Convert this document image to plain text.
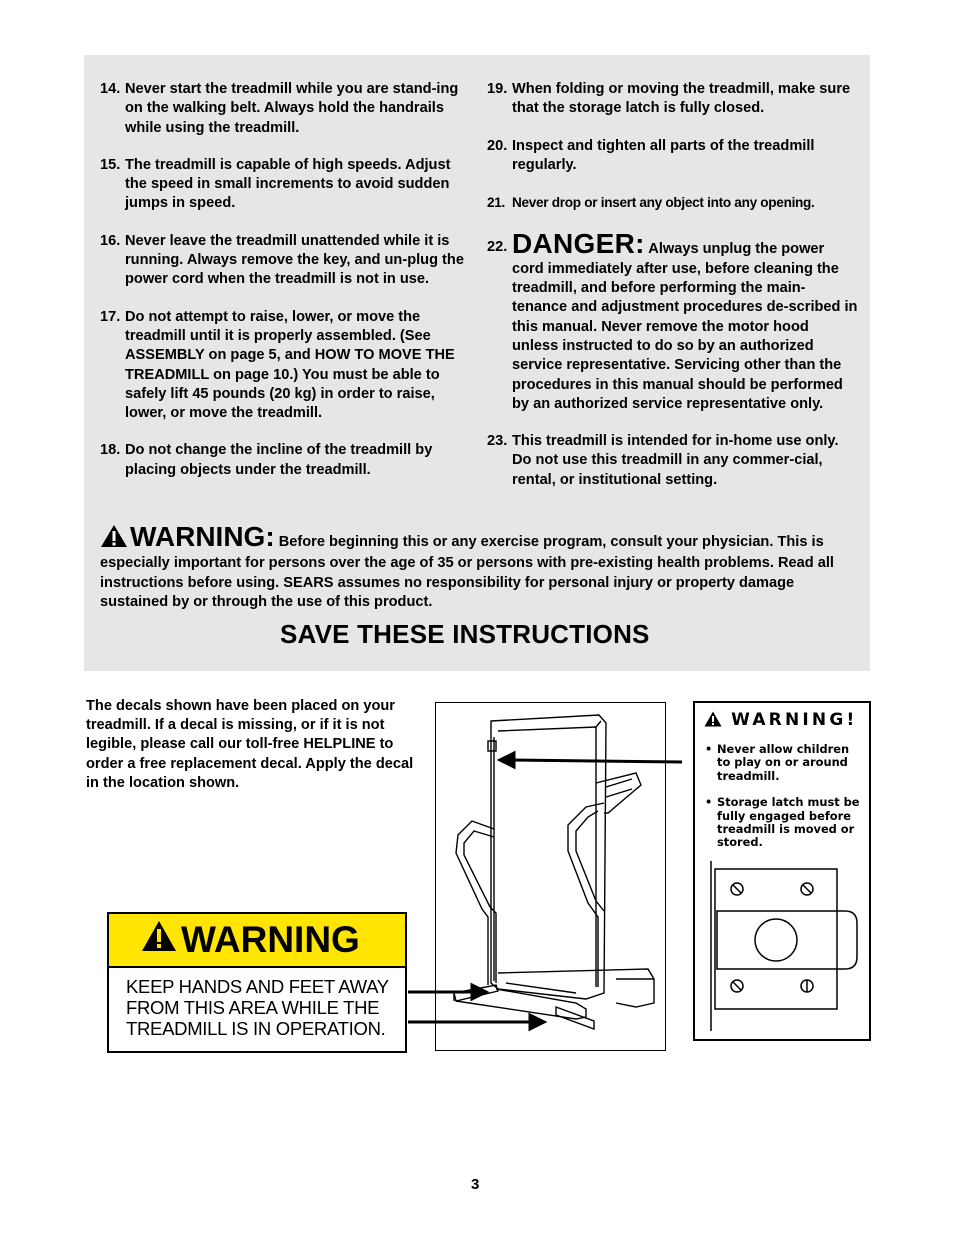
14. Never start the treadmill while you are stand-ing on the walking belt. Always hold the handrails while using the treadmill.
15. The treadmill is capable of high speeds. Adjust the speed in small increments to avoid sudden jumps in speed.
16. Never leave the treadmill unattended while it is running. Always remove the key, and un-plug the power cord when the treadmill is not in use.
17. Do not attempt to raise, lower, or move the treadmill until it is properly assembled. (See ASSEMBLY on page 5, and HOW TO MOVE THE TREADMILL on page 10.) You must be able to safely lift 45 pounds (20 kg) in order to raise, lower, or move the treadmill.
18. Do not change the incline of the treadmill by placing objects under the treadmill.
19. When folding or moving the treadmill, make sure that the storage latch is fully closed.
20. Inspect and tighten all parts of the treadmill regularly.
21. Never drop or insert any object into any opening.
22. DANGER: Always unplug the power cord immediately after use, before cleaning the treadmill, and before performing the main-tenance and adjustment procedures de-scribed in this manual. Never remove the motor hood unless instructed to do so by an authorized service representative. Servicing other than the procedures in this manual should be performed by an authorized service representative only.
23. This treadmill is intended for in-home use only. Do not use this treadmill in any commer-cial, rental, or institutional setting.
WARNING: Before beginning this or any exercise program, consult your physician. This is especially important for persons over the age of 35 or persons with pre-existing health problems. Read all instructions before using. SEARS assumes no responsibility for personal injury or property damage sustained by or through the use of this product.
SAVE THESE INSTRUCTIONS
The decals shown have been placed on your treadmill. If a decal is missing, or if it is not legible, please call our toll-free HELPLINE to order a free replacement decal. Apply the decal in the location shown.
WARNING
KEEP HANDS AND FEET AWAY FROM THIS AREA WHILE THE TREADMILL IS IN OPERATION.
WARNING!
• Never allow children to play on or around treadmill.
• Storage latch must be fully engaged before treadmill is moved or stored.
3
